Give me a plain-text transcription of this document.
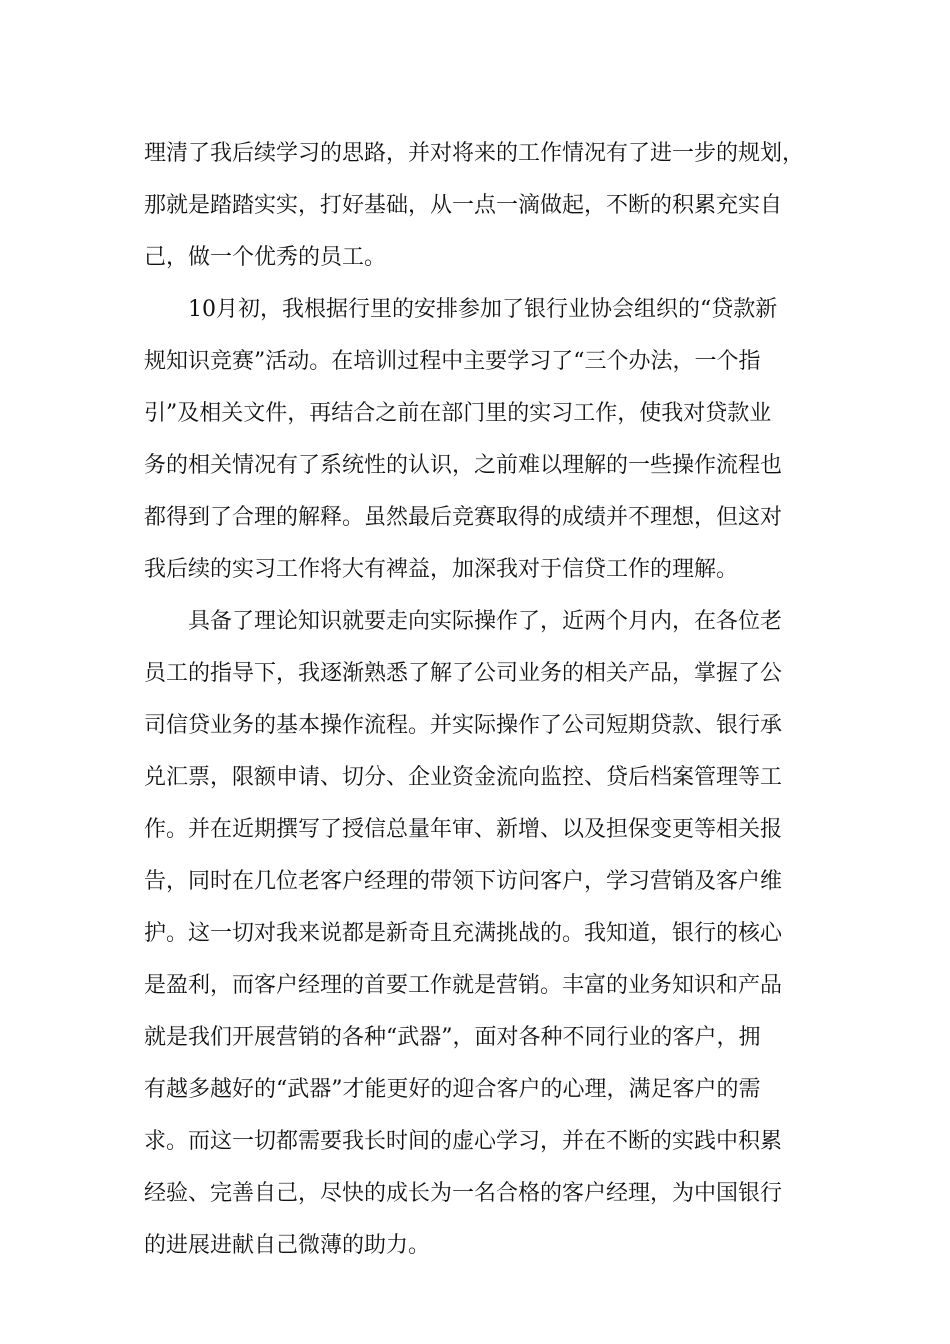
理清了我后续学习的思路，并对将来的工作情况有了进一步的规划，
那就是踏踏实实，打好基础，从一点一滴做起，不断的积累充实自
己，做一个优秀的员工。
　　10月初，我根据行里的安排参加了银行业协会组织的“贷款新
规知识竞赛”活动。在培训过程中主要学习了“三个办法，一个指
引”及相关文件，再结合之前在部门里的实习工作，使我对贷款业
务的相关情况有了系统性的认识，之前难以理解的一些操作流程也
都得到了合理的解释。虽然最后竞赛取得的成绩并不理想，但这对
我后续的实习工作将大有裨益，加深我对于信贷工作的理解。
　　具备了理论知识就要走向实际操作了，近两个月内，在各位老
员工的指导下，我逐渐熟悉了解了公司业务的相关产品，掌握了公
司信贷业务的基本操作流程。并实际操作了公司短期贷款、银行承
兑汇票，限额申请、切分、企业资金流向监控、贷后档案管理等工
作。并在近期撰写了授信总量年审、新增、以及担保变更等相关报
告，同时在几位老客户经理的带领下访问客户，学习营销及客户维
护。这一切对我来说都是新奇且充满挑战的。我知道，银行的核心
是盈利，而客户经理的首要工作就是营销。丰富的业务知识和产品
就是我们开展营销的各种“武器”，面对各种不同行业的客户，拥
有越多越好的“武器”才能更好的迎合客户的心理，满足客户的需
求。而这一切都需要我长时间的虚心学习，并在不断的实践中积累
经验、完善自己，尽快的成长为一名合格的客户经理，为中国银行
的进展进献自己微薄的助力。
